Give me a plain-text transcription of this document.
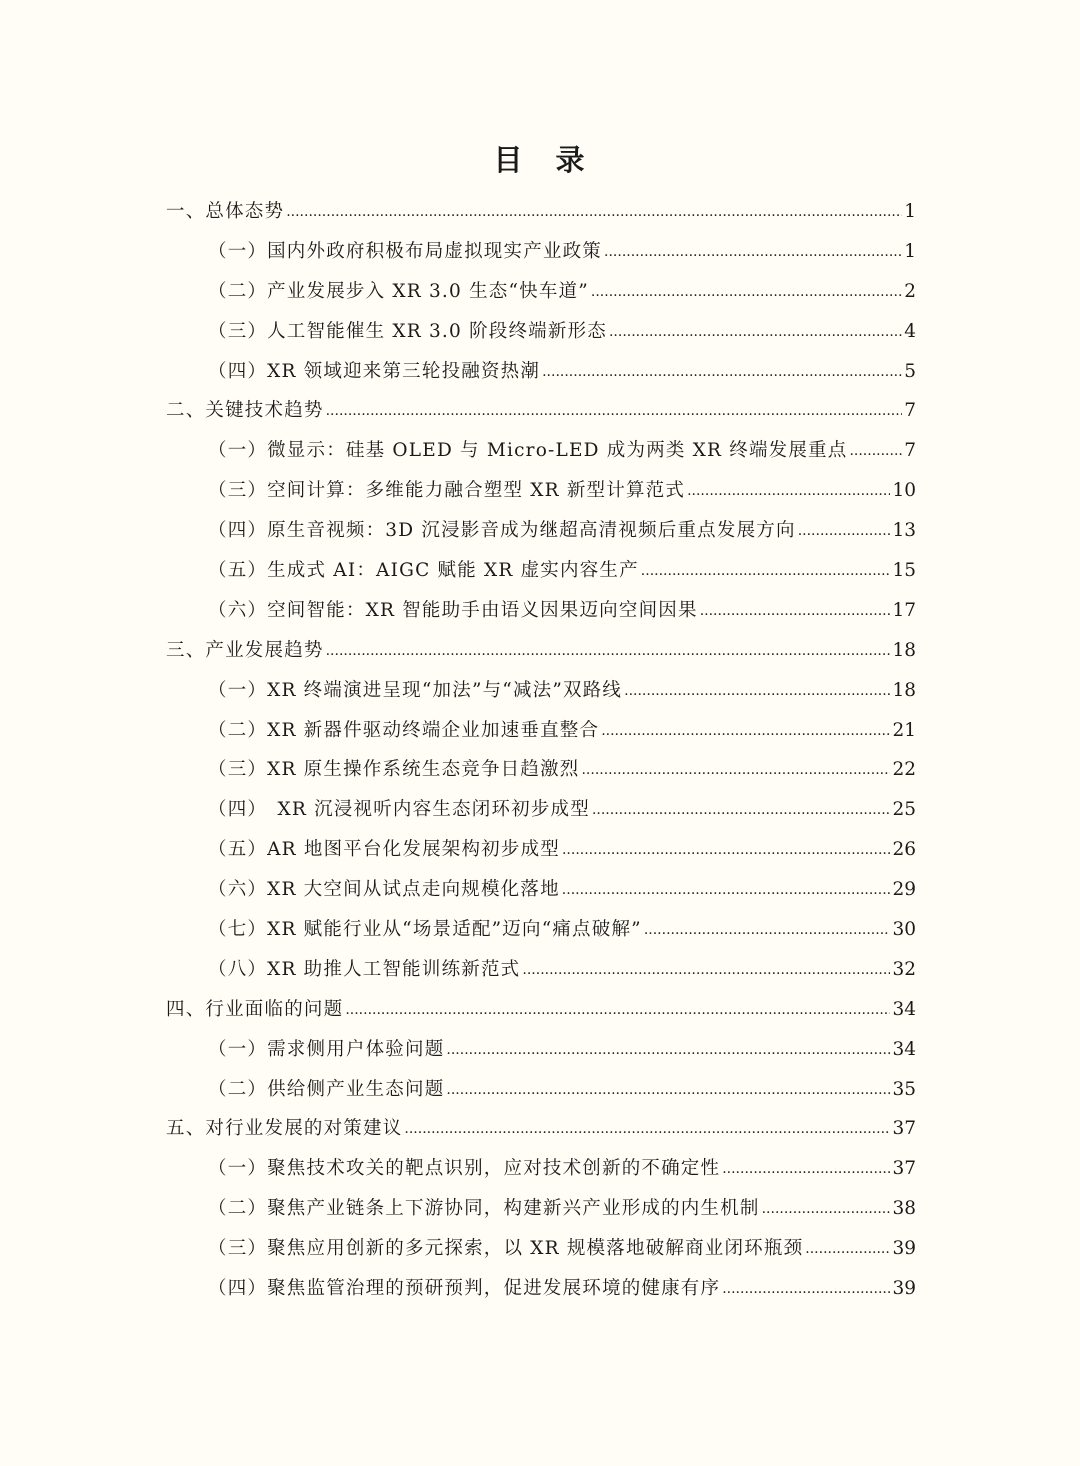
目　录
一、总体态势 .....	1
（一）国内外政府积极布局虚拟现实产业政策 .....	1
（二）产业发展步入 XR 3.0 生态“快车道” .....	2
（三）人工智能催生 XR 3.0 阶段终端新形态 .....	4
（四）XR 领域迎来第三轮投融资热潮 .....	5
二、关键技术趋势 .....	7
（一）微显示：硅基 OLED 与 Micro-LED 成为两类 XR 终端发展重点 .....	7
（三）空间计算：多维能力融合塑型 XR 新型计算范式 .....	10
（四）原生音视频：3D 沉浸影音成为继超高清视频后重点发展方向 .....	13
（五）生成式 AI：AIGC 赋能 XR 虚实内容生产 .....	15
（六）空间智能：XR 智能助手由语义因果迈向空间因果 .....	17
三、产业发展趋势 .....	18
（一）XR 终端演进呈现“加法”与“减法”双路线 .....	18
（二）XR 新器件驱动终端企业加速垂直整合 .....	21
（三）XR 原生操作系统生态竞争日趋激烈 .....	22
（四）　XR 沉浸视听内容生态闭环初步成型 .....	25
（五）AR 地图平台化发展架构初步成型 .....	26
（六）XR 大空间从试点走向规模化落地 .....	29
（七）XR 赋能行业从“场景适配”迈向“痛点破解” .....	30
（八）XR 助推人工智能训练新范式 .....	32
四、行业面临的问题 .....	34
（一）需求侧用户体验问题 .....	34
（二）供给侧产业生态问题 .....	35
五、对行业发展的对策建议 .....	37
（一）聚焦技术攻关的靶点识别，应对技术创新的不确定性 .....	37
（二）聚焦产业链条上下游协同，构建新兴产业形成的内生机制 .....	38
（三）聚焦应用创新的多元探索，以 XR 规模落地破解商业闭环瓶颈 .....	39
（四）聚焦监管治理的预研预判，促进发展环境的健康有序 .....	39
